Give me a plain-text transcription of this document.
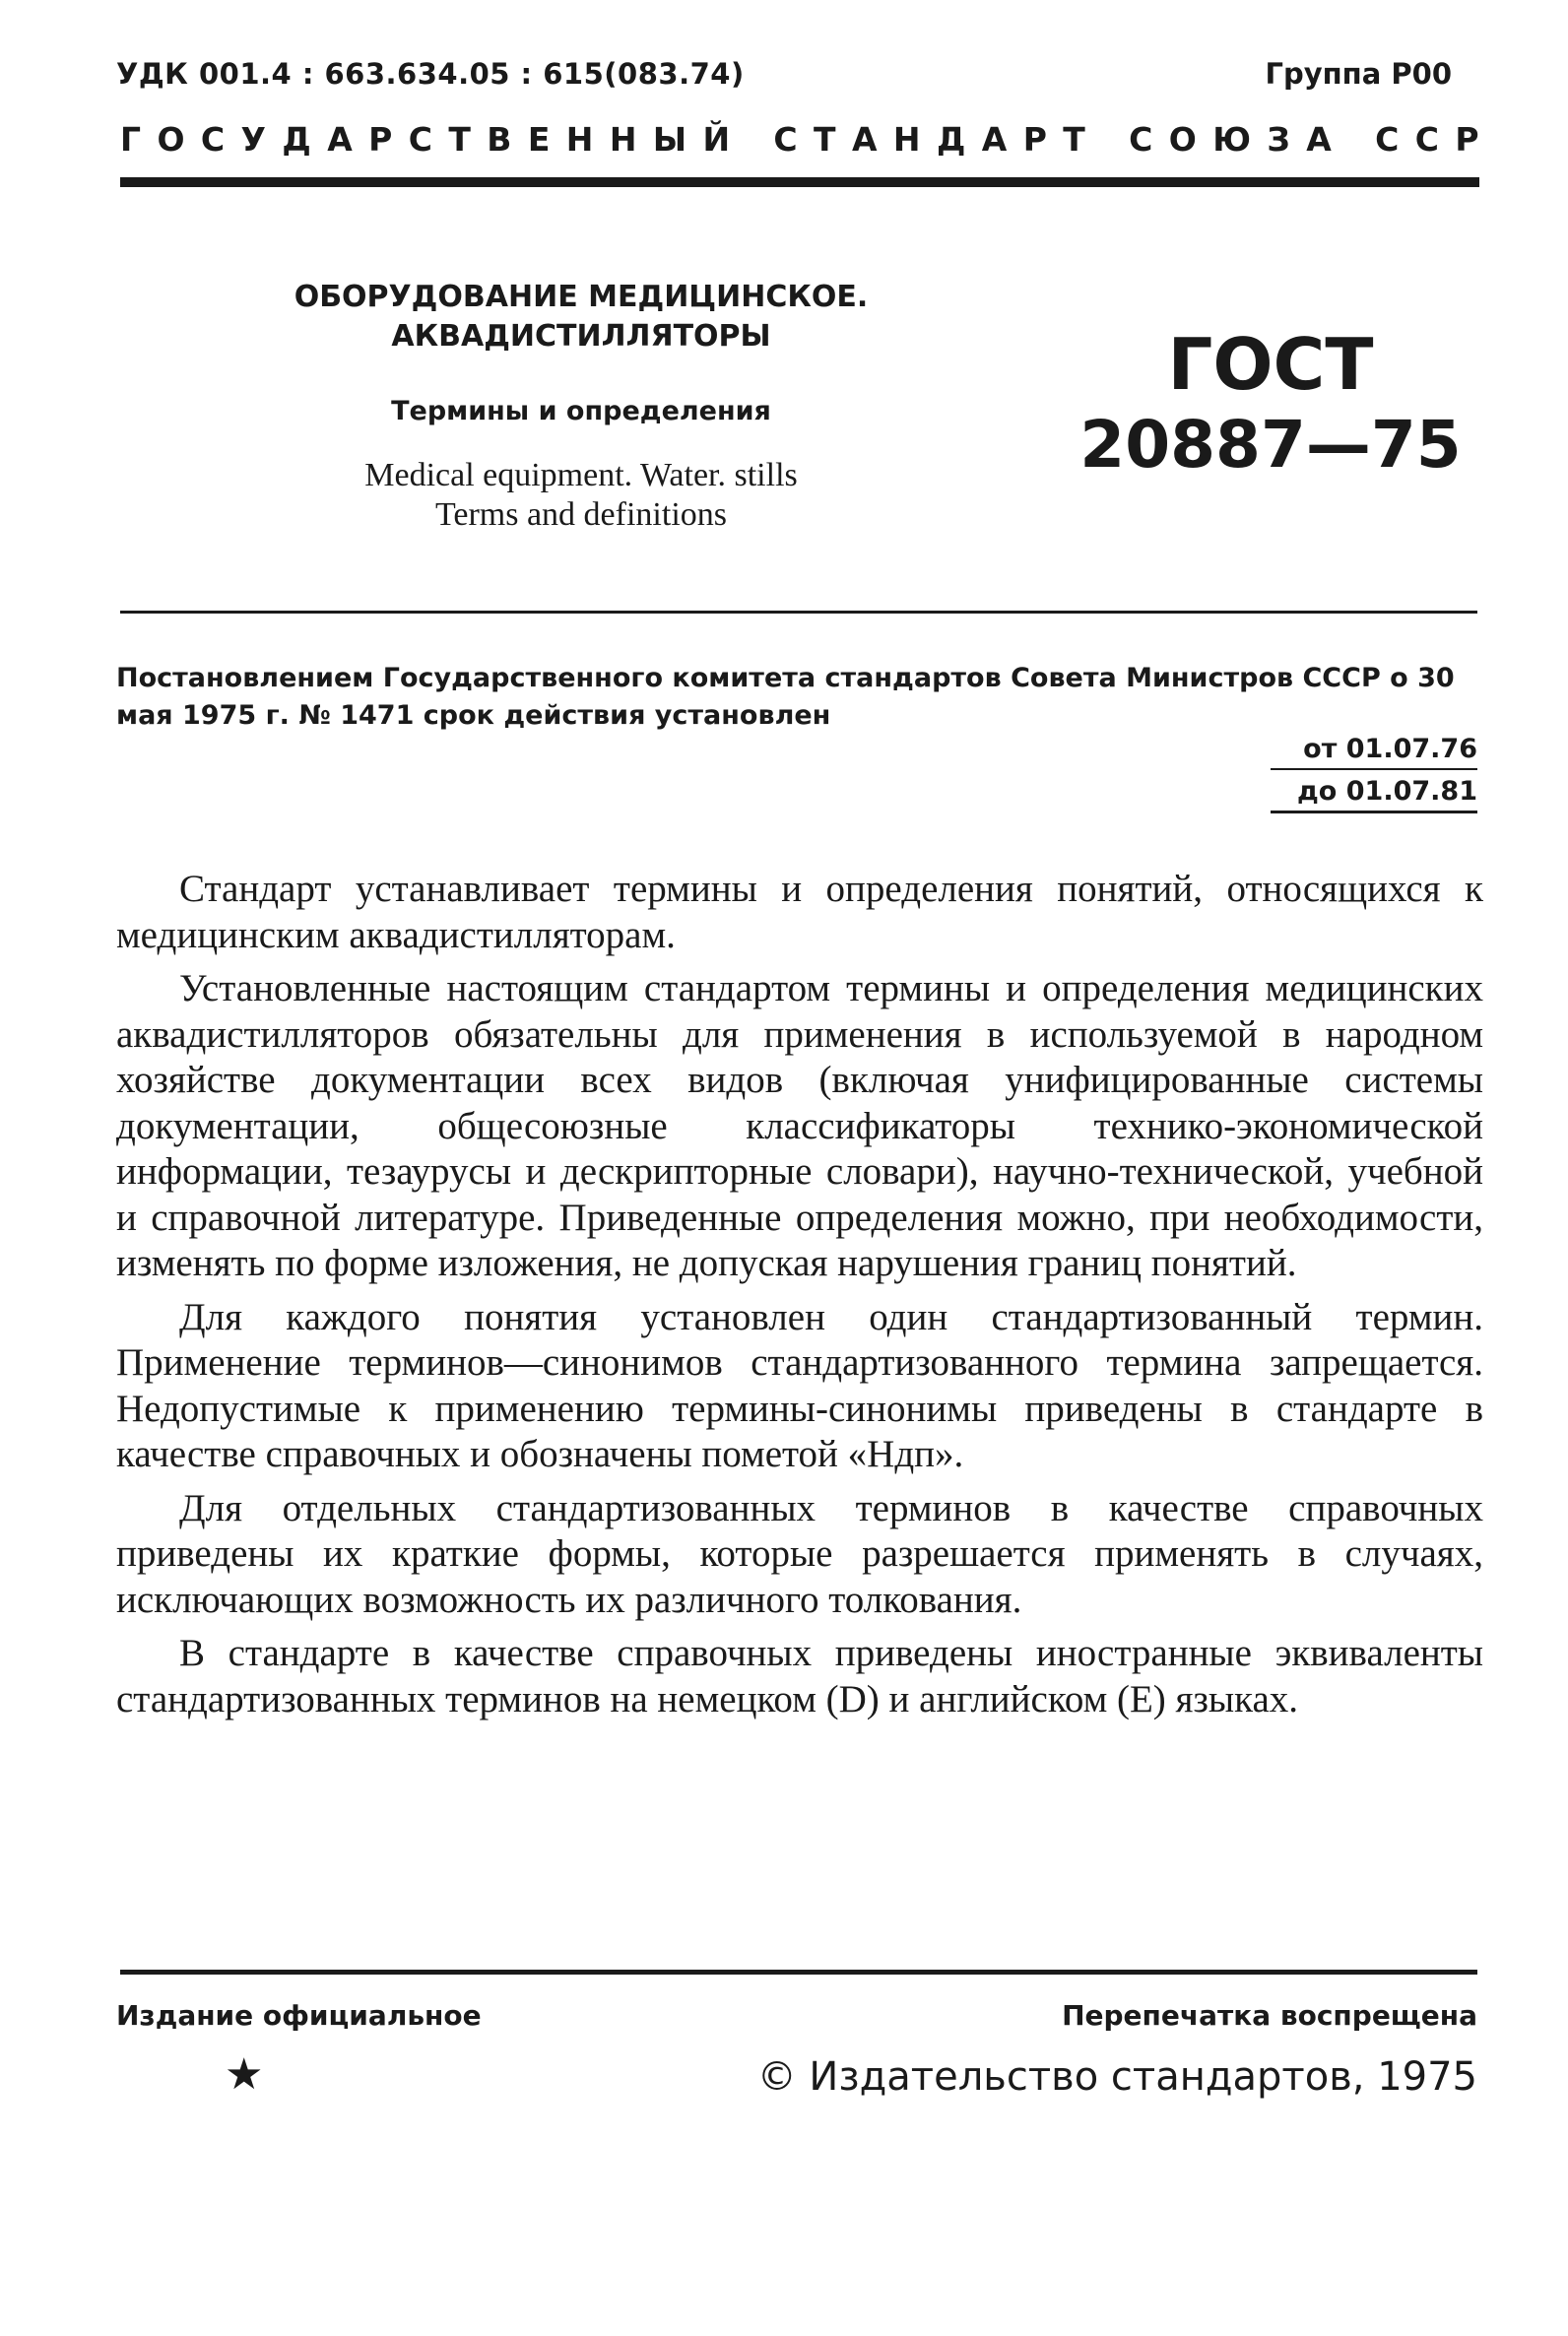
УДК 001.4 : 663.634.05 : 615(083.74)	Группа Р00
Г О С У Д А Р С Т В Е Н Н Ы Й
С Т А Н Д А Р Т
С О Ю З А
С С Р
ОБОРУДОВАНИЕ МЕДИЦИНСКОЕ.
АКВАДИСТИЛЛЯТОРЫ
Термины и определения
Medical equipment. Water. stills
Terms and definitions
ГОСТ
20887—75
Постановлением Государственного комитета стандартов Совета Министров СССР о 30 мая 1975 г. № 1471 срок действия установлен
от 01.07.76
до 01.07.81

Стандарт устанавливает термины и определения понятий, относящихся к медицинским аквадистилляторам.

Установленные настоящим стандартом термины и определения медицинских аквадистилляторов обязательны для применения в используемой в народном хозяйстве документации всех видов (включая унифицированные системы документации, общесоюзные классификаторы технико-экономической информации, тезаурусы и дескрипторные словари), научно-технической, учебной и справочной литературе. Приведенные определения можно, при необходимости, изменять по форме изложения, не допуская нарушения границ понятий.

Для каждого понятия установлен один стандартизованный термин. Применение терминов—синонимов стандартизованного термина запрещается. Недопустимые к применению термины-синонимы приведены в стандарте в качестве справочных и обозначены пометой «Ндп».

Для отдельных стандартизованных терминов в качестве справочных приведены их краткие формы, которые разрешается применять в случаях, исключающих возможность их различного толкования.

В стандарте в качестве справочных приведены иностранные эквиваленты стандартизованных терминов на немецком (D) и английском (E) языках.

Издание официальное	Перепечатка воспрещена
★	© Издательство стандартов, 1975
